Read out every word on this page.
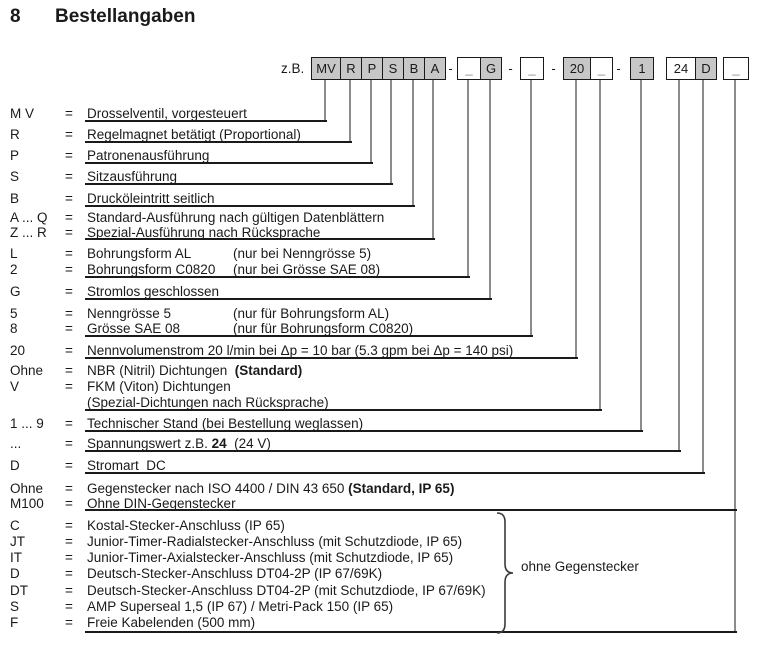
8 Bestellangaben
z.B. MV R P S B A	_	G	_	20	_	1	24	D	_
-	-	-	-
M V = Drosselventil, vorgesteuert
R	= Regelmagnet betätigt (Proportional)
P	= Patronenausführung
S	= Sitzausführung
B	= Drucköleintritt seitlich
A ... Q = Standard-Ausführung nach gültigen Datenblättern
Z ... R = Spezial-Ausführung nach Rücksprache
L	= Bohrungsform AL	(nur bei Nenngrösse 5)
2	= Bohrungsform C0820 (nur bei Grösse SAE 08)
G	= Stromlos geschlossen
5	= Nenngrösse 5	(nur für Bohrungsform AL)
8	= Grösse SAE 08	(nur für Bohrungsform C0820)
20	= Nennvolumenstrom 20 l/min bei Δp = 10 bar (5.3 gpm bei Δp = 140 psi)
Ohne = NBR (Nitril) Dichtungen  (Standard)
V	= FKM (Viton) Dichtungen
(Spezial-Dichtungen nach Rücksprache)
1 ... 9 = Technischer Stand (bei Bestellung weglassen)
...	= Spannungswert z.B. 24  (24 V)
D	= Stromart  DC
Ohne = Gegenstecker nach ISO 4400 / DIN 43 650 (Standard, IP 65)
M100 = Ohne DIN-Gegenstecker
C	= Kostal-Stecker-Anschluss (IP 65)
JT	= Junior-Timer-Radialstecker-Anschluss (mit Schutzdiode, IP 65)
IT	= Junior-Timer-Axialstecker-Anschluss (mit Schutzdiode, IP 65)
D	= Deutsch-Stecker-Anschluss DT04-2P (IP 67/69K)
DT	= Deutsch-Stecker-Anschluss DT04-2P (mit Schutzdiode, IP 67/69K)
S	= AMP Superseal 1,5 (IP 67) / Metri-Pack 150 (IP 65)
F	= Freie Kabelenden (500 mm)
ohne Gegenstecker
